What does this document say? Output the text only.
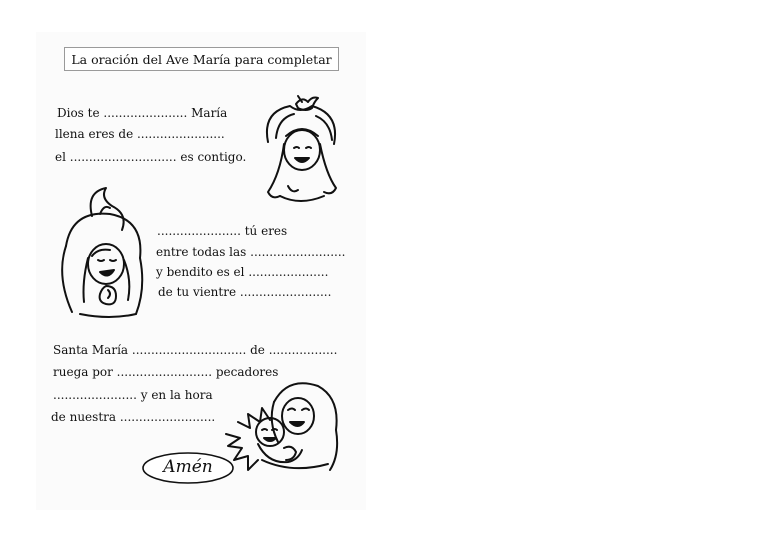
La oración del Ave María para completar
Dios te ...................... María
llena eres de .......................
el ............................ es contigo.
...................... tú eres
entre todas las .........................
y bendito es el .....................
de tu vientre ........................
Santa María .............................. de ..................
ruega por ......................... pecadores
...................... y en la hora
de nuestra .........................
Amén
